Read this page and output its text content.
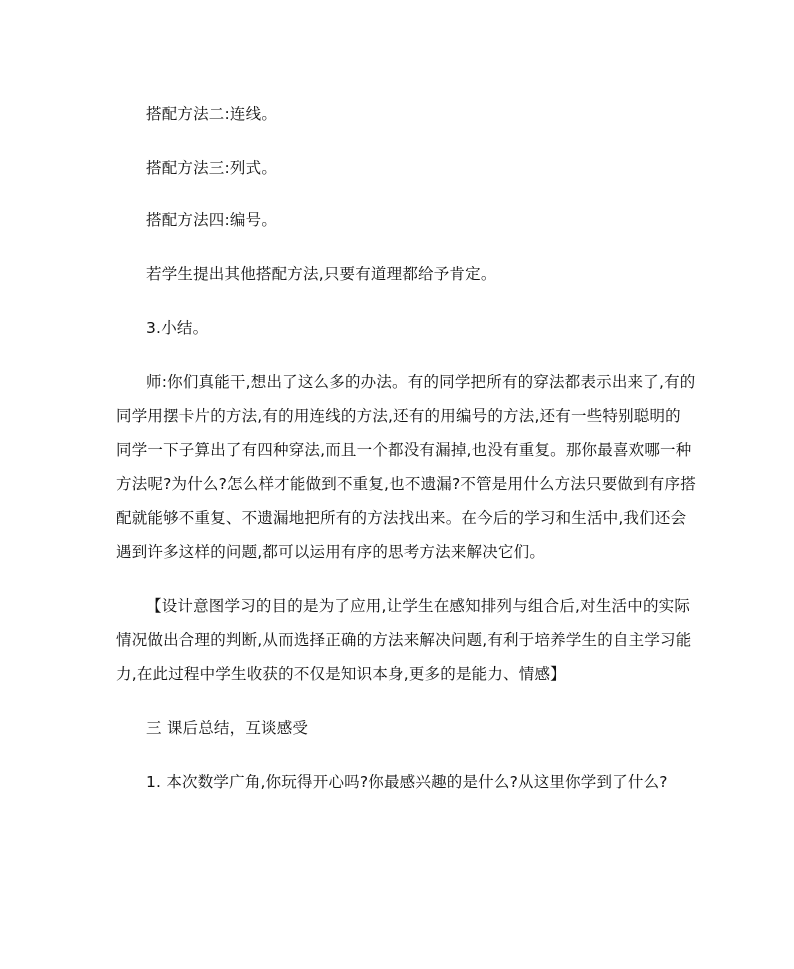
搭配方法二:连线。
搭配方法三:列式。
搭配方法四:编号。
若学生提出其他搭配方法,只要有道理都给予肯定。
3.小结。
师:你们真能干,想出了这么多的办法。有的同学把所有的穿法都表示出来了,有的
同学用摆卡片的方法,有的用连线的方法,还有的用编号的方法,还有一些特别聪明的
同学一下子算出了有四种穿法,而且一个都没有漏掉,也没有重复。那你最喜欢哪一种
方法呢?为什么?怎么样才能做到不重复,也不遗漏?不管是用什么方法只要做到有序搭
配就能够不重复、不遗漏地把所有的方法找出来。在今后的学习和生活中,我们还会
遇到许多这样的问题,都可以运用有序的思考方法来解决它们。
【设计意图学习的目的是为了应用,让学生在感知排列与组合后,对生活中的实际
情况做出合理的判断,从而选择正确的方法来解决问题,有利于培养学生的自主学习能
力,在此过程中学生收获的不仅是知识本身,更多的是能力、情感】
三 课后总结，互谈感受
1. 本次数学广角,你玩得开心吗?你最感兴趣的是什么?从这里你学到了什么?
